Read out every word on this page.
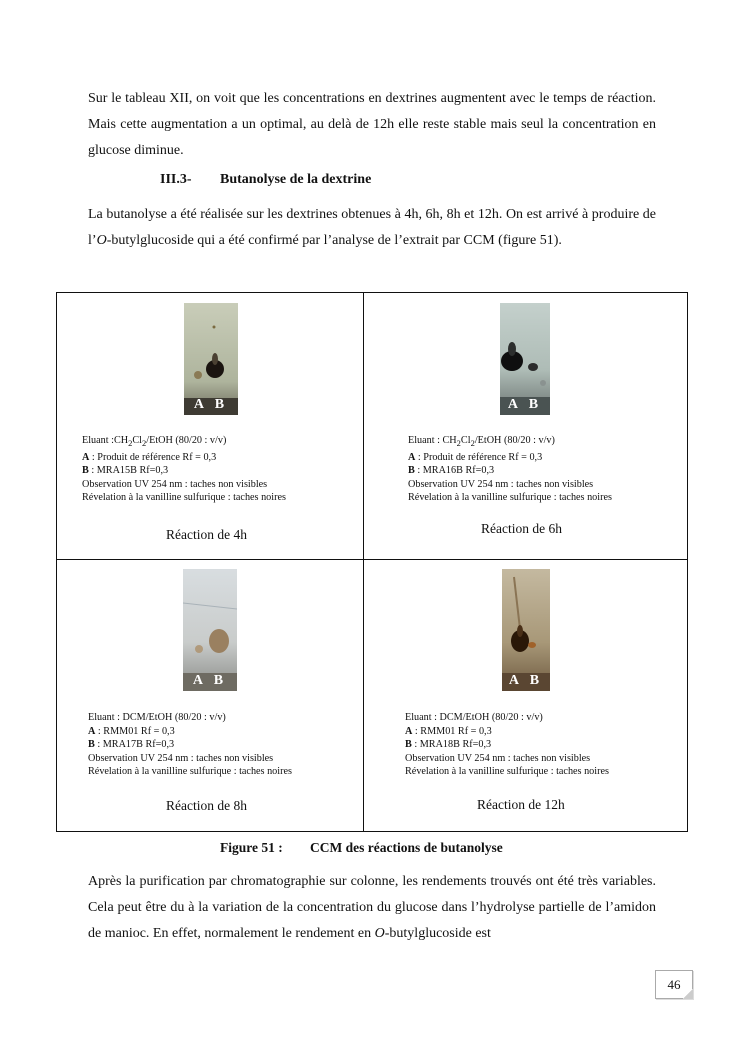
Sur le tableau XII, on voit que les concentrations en dextrines augmentent avec le temps de réaction. Mais cette augmentation a un optimal, au delà de 12h elle reste stable mais seul la concentration en glucose diminue.

III.3- Butanolyse de la dextrine

La butanolyse a été réalisée sur les dextrines obtenues à 4h, 6h, 8h et 12h. On est arrivé à produire de l’O-butylglucoside qui a été confirmé par l’analyse de l’extrait par CCM (figure 51).

A B
Eluant $:CH_2Cl_2$/EtOH (80/20 : v/v)
A : Produit de référence Rf = 0,3
B : MRA15B Rf=0,3
Observation UV 254 nm : taches non visibles
Révelation à la vanilline sulfurique : taches noires
Réaction de 4h
A B
Eluant : $CH_2Cl_2$/EtOH (80/20 : v/v)
A : Produit de référence Rf = 0,3
B : MRA16B Rf=0,3
Observation UV 254 nm : taches non visibles
Révelation à la vanilline sulfurique : taches noires
Réaction de 6h
A B
Eluant : DCM/EtOH (80/20 : v/v)
A : RMM01 Rf = 0,3
B : MRA17B Rf=0,3
Observation UV 254 nm : taches non visibles
Révelation à la vanilline sulfurique : taches noires
Réaction de 8h
A B
Eluant : DCM/EtOH (80/20 : v/v)
A : RMM01 Rf = 0,3
B : MRA18B Rf=0,3
Observation UV 254 nm : taches non visibles
Révelation à la vanilline sulfurique : taches noires
Réaction de 12h
Figure 51 : CCM des réactions de butanolyse

Après la purification par chromatographie sur colonne, les rendements trouvés ont été très variables. Cela peut être du à la variation de la concentration du glucose dans l’hydrolyse partielle de l’amidon de manioc. En effet, normalement le rendement en O-butylglucoside est

46
